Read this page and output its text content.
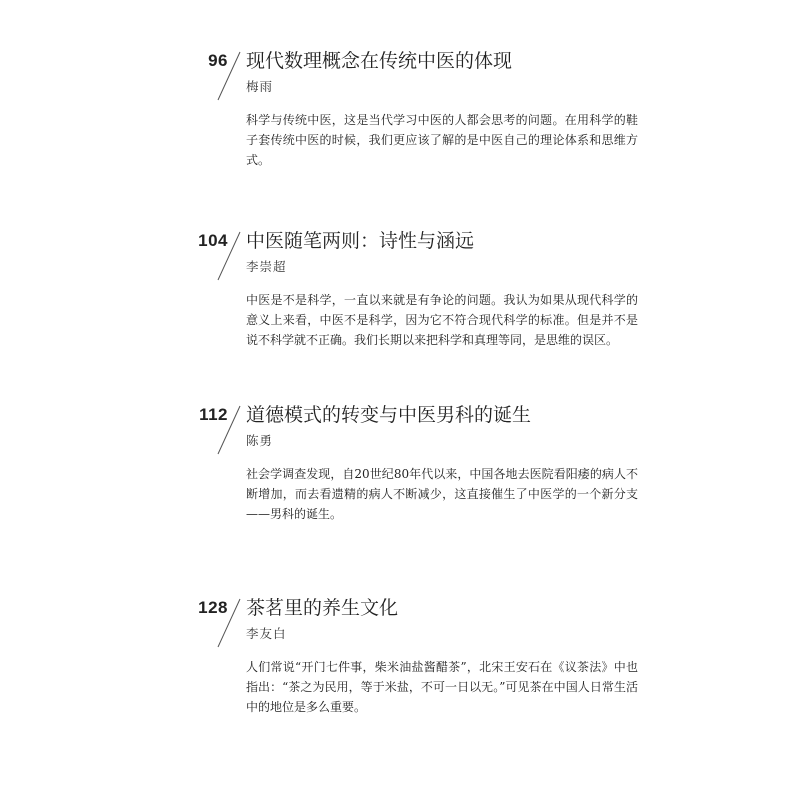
96 现代数理概念在传统中医的体现
梅雨

科学与传统中医，这是当代学习中医的人都会思考的问题。在用科学的鞋子套传统中医的时候，我们更应该了解的是中医自己的理论体系和思维方式。

104 中医随笔两则：诗性与涵远
李崇超

中医是不是科学，一直以来就是有争论的问题。我认为如果从现代科学的意义上来看，中医不是科学，因为它不符合现代科学的标准。但是并不是说不科学就不正确。我们长期以来把科学和真理等同，是思维的误区。

112 道德模式的转变与中医男科的诞生
陈勇

社会学调查发现，自20世纪80年代以来，中国各地去医院看阳痿的病人不断增加，而去看遗精的病人不断减少，这直接催生了中医学的一个新分支——男科的诞生。

128 茶茗里的养生文化
李友白

人们常说“开门七件事，柴米油盐酱醋茶”，北宋王安石在《议茶法》中也指出：“茶之为民用，等于米盐，不可一日以无。”可见茶在中国人日常生活中的地位是多么重要。
